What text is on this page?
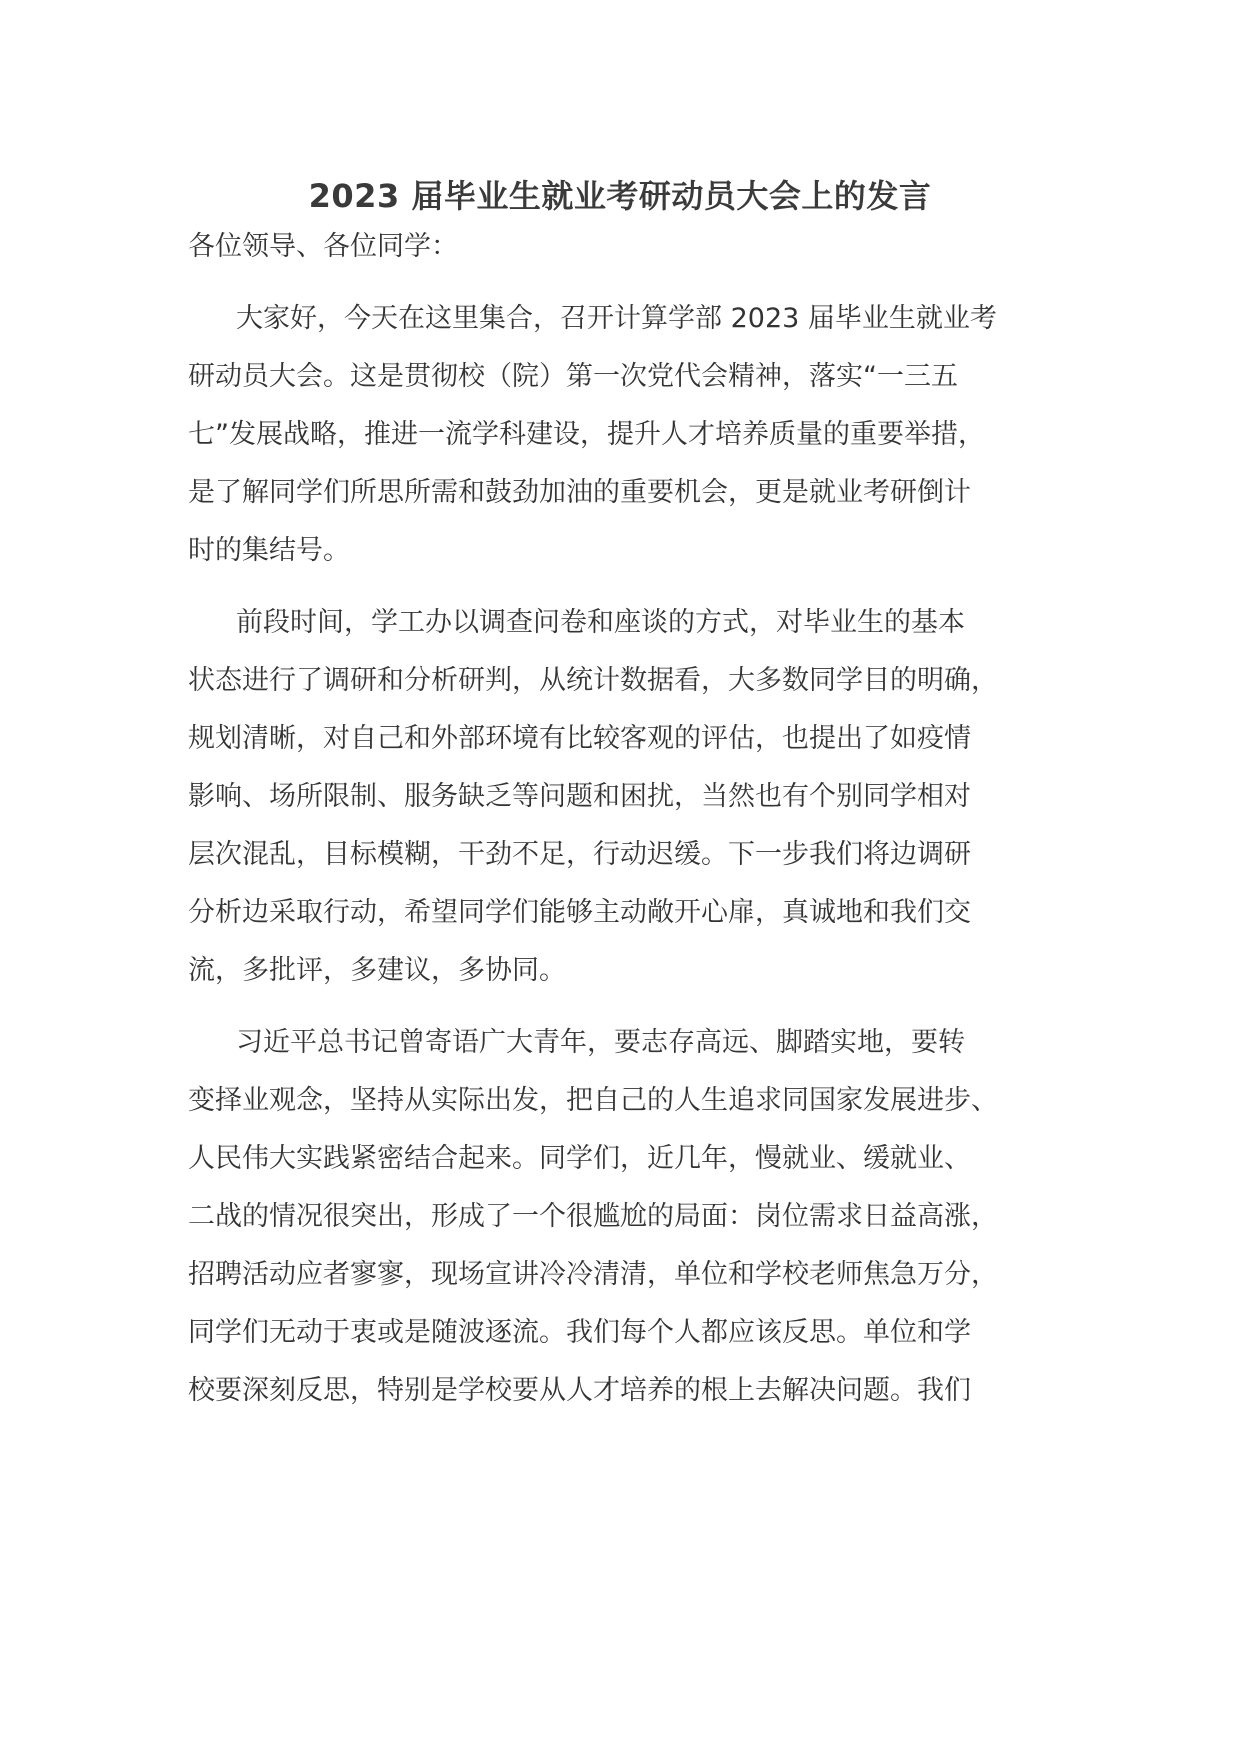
2023 届毕业生就业考研动员大会上的发言
各位领导、各位同学：
大家好，今天在这里集合，召开计算学部 2023 届毕业生就业考
研动员大会。这是贯彻校（院）第一次党代会精神，落实“一三五
七”发展战略，推进一流学科建设，提升人才培养质量的重要举措，
是了解同学们所思所需和鼓劲加油的重要机会，更是就业考研倒计
时的集结号。
前段时间，学工办以调查问卷和座谈的方式，对毕业生的基本
状态进行了调研和分析研判，从统计数据看，大多数同学目的明确，
规划清晰，对自己和外部环境有比较客观的评估，也提出了如疫情
影响、场所限制、服务缺乏等问题和困扰，当然也有个别同学相对
层次混乱，目标模糊，干劲不足，行动迟缓。下一步我们将边调研
分析边采取行动，希望同学们能够主动敞开心扉，真诚地和我们交
流，多批评，多建议，多协同。
习近平总书记曾寄语广大青年，要志存高远、脚踏实地，要转
变择业观念，坚持从实际出发，把自己的人生追求同国家发展进步、
人民伟大实践紧密结合起来。同学们，近几年，慢就业、缓就业、
二战的情况很突出，形成了一个很尴尬的局面：岗位需求日益高涨，
招聘活动应者寥寥，现场宣讲冷冷清清，单位和学校老师焦急万分，
同学们无动于衷或是随波逐流。我们每个人都应该反思。单位和学
校要深刻反思，特别是学校要从人才培养的根上去解决问题。我们
